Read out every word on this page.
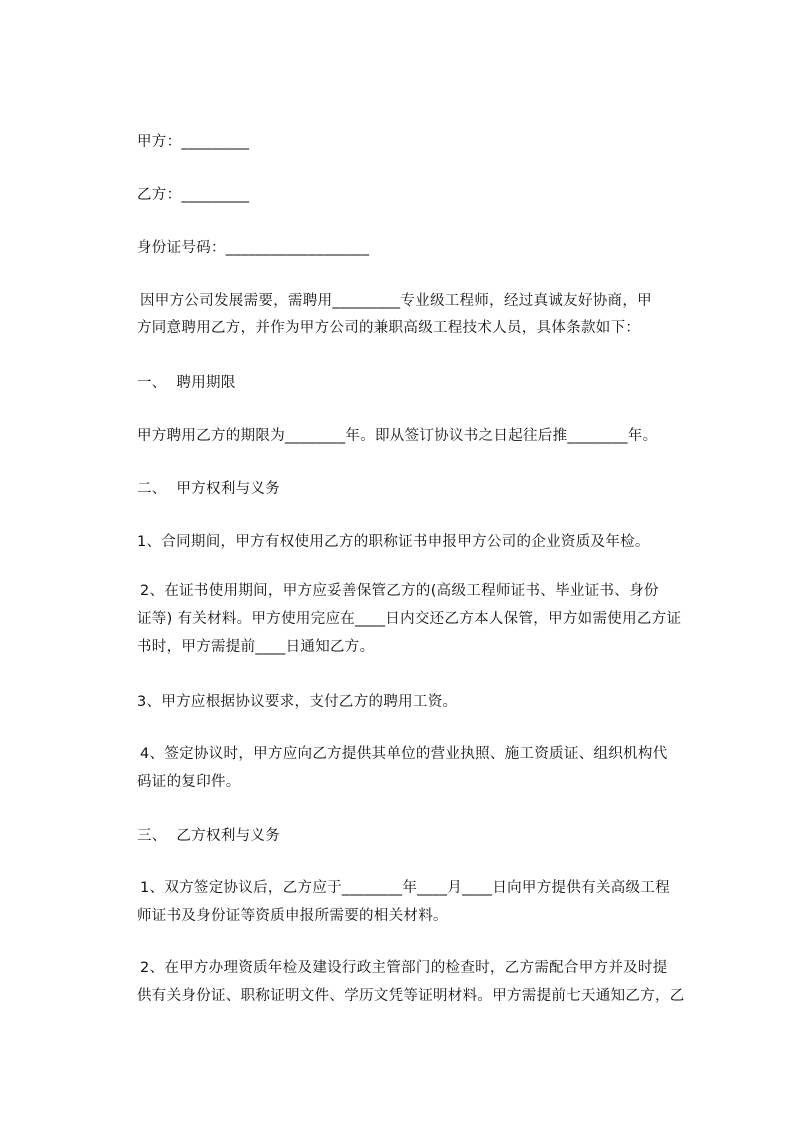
甲方：_________
乙方：_________
身份证号码：___________________
因甲方公司发展需要，需聘用_________专业级工程师，经过真诚友好协商，甲
方同意聘用乙方，并作为甲方公司的兼职高级工程技术人员，具体条款如下：
一、  聘用期限
甲方聘用乙方的期限为________年。即从签订协议书之日起往后推________年。
二、  甲方权利与义务
1、合同期间，甲方有权使用乙方的职称证书申报甲方公司的企业资质及年检。
2、在证书使用期间，甲方应妥善保管乙方的(高级工程师证书、毕业证书、身份
证等) 有关材料。甲方使用完应在____日内交还乙方本人保管，甲方如需使用乙方证
书时，甲方需提前____日通知乙方。
3、甲方应根据协议要求，支付乙方的聘用工资。
4、签定协议时，甲方应向乙方提供其单位的营业执照、施工资质证、组织机构代
码证的复印件。
三、  乙方权利与义务
1、双方签定协议后，乙方应于________年____月____日向甲方提供有关高级工程
师证书及身份证等资质申报所需要的相关材料。
2、在甲方办理资质年检及建设行政主管部门的检查时，乙方需配合甲方并及时提
供有关身份证、职称证明文件、学历文凭等证明材料。甲方需提前七天通知乙方，乙
